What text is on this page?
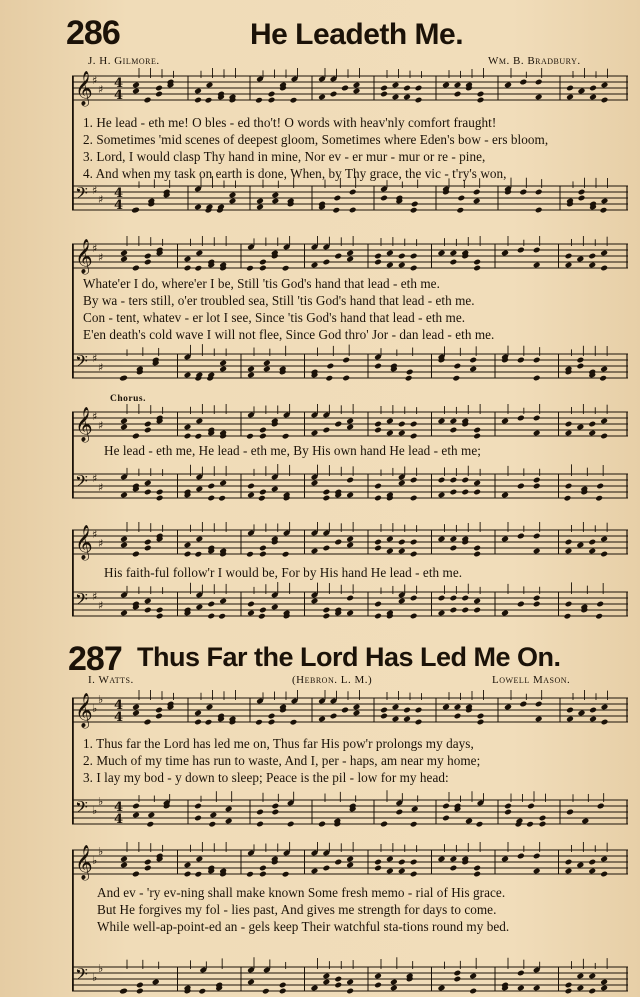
286	He Leadeth Me.
J. H. Gilmore.	Wm. B. Bradbury.
𝄞 ♯
♯ 4
4
𝄢 ♯
♯ 4
4
1. He lead - eth me! O bles - ed tho't! O words with heav'nly comfort fraught!
2. Sometimes 'mid scenes of deepest gloom, Sometimes where Eden's bow - ers bloom,
3. Lord, I would clasp Thy hand in mine, Nor ev - er mur - mur or re - pine,
4. And when my task on earth is done, When, by Thy grace, the vic - t'ry's won,
𝄞 ♯
♯
𝄢 ♯
♯
Whate'er I do, where'er I be, Still 'tis God's hand that lead - eth me.
By wa - ters still, o'er troubled sea, Still 'tis God's hand that lead - eth me.
Con - tent, whatev - er lot I see, Since 'tis God's hand that lead - eth me.
E'en death's cold wave I will not flee, Since God thro' Jor - dan lead - eth me.
Chorus.
𝄞 ♯
♯
𝄢 ♯
♯
He lead - eth me, He lead - eth me, By His own hand He lead - eth me;
𝄞 ♯
♯
𝄢 ♯
♯
His faith-ful follow'r I would be, For by His hand He lead - eth me.
287 Thus Far the Lord Has Led Me On.
I. Watts.	(Hebron. L. M.)	Lowell Mason.
𝄞 ♭
♭ 4
4
𝄢 ♭
♭ 4
4
1. Thus far the Lord has led me on, Thus far His pow'r prolongs my days,
2. Much of my time has run to waste, And I, per - haps, am near my home;
3. I lay my bod - y down to sleep; Peace is the pil - low for my head:
𝄞 ♭
♭
𝄢 ♭
♭
And ev - 'ry ev-ning shall make known Some fresh memo - rial of His grace.
But He forgives my fol - lies past, And gives me strength for days to come.
While well-ap-point-ed an - gels keep Their watchful sta-tions round my bed.
